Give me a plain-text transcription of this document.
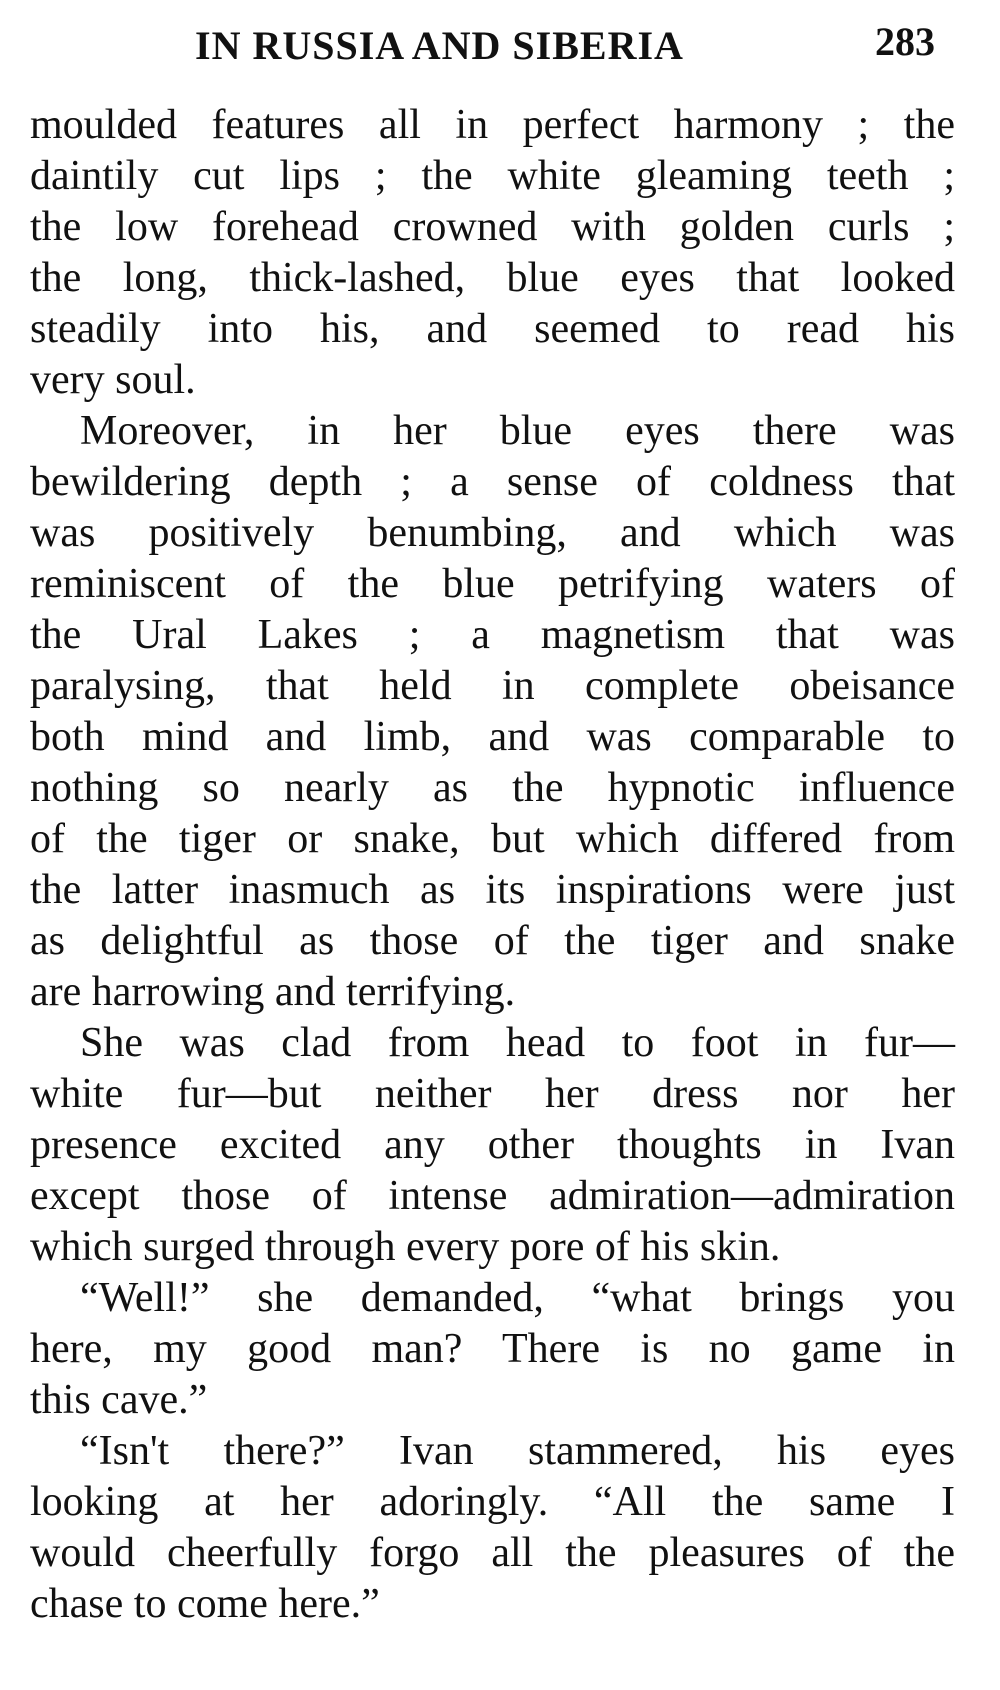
IN RUSSIA AND SIBERIA	283
moulded features all in perfect harmony ; the
daintily cut lips ; the white gleaming teeth ;
the low forehead crowned with golden curls ;
the long, thick-lashed, blue eyes that looked
steadily into his, and seemed to read his
very soul.
Moreover, in her blue eyes there was
bewildering depth ; a sense of coldness that
was positively benumbing, and which was
reminiscent of the blue petrifying waters of
the Ural Lakes ; a magnetism that was
paralysing, that held in complete obeisance
both mind and limb, and was comparable to
nothing so nearly as the hypnotic influence
of the tiger or snake, but which differed from
the latter inasmuch as its inspirations were just
as delightful as those of the tiger and snake
are harrowing and terrifying.
She was clad from head to foot in fur—
white fur—but neither her dress nor her
presence excited any other thoughts in Ivan
except those of intense admiration—admiration
which surged through every pore of his skin.
“Well!” she demanded, “what brings you
here, my good man? There is no game in
this cave.”
“Isn't there?” Ivan stammered, his eyes
looking at her adoringly. “All the same I
would cheerfully forgo all the pleasures of the
chase to come here.”
